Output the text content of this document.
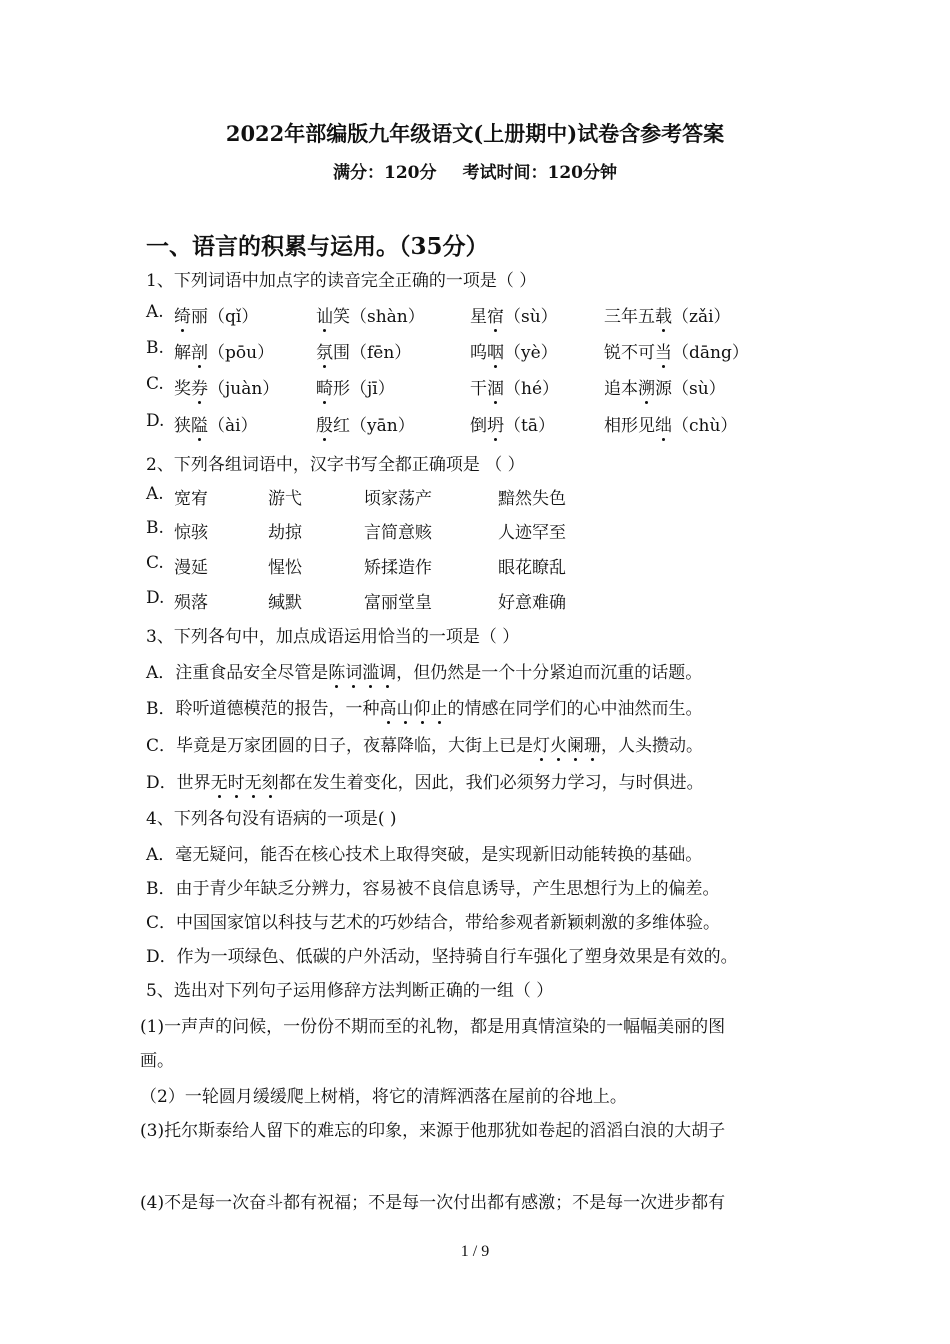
2022年部编版九年级语文(上册期中)试卷含参考答案
满分：120分 考试时间：120分钟
一、语言的积累与运用。（35分）
1、下列词语中加点字的读音完全正确的一项是（ ）
A. 绮丽（qǐ）	讪笑（shàn）	星宿（sù）	三年五载（zǎi）
B. 解剖（pōu） 氛围（fēn）	呜咽（yè）	锐不可当（dāng）
C. 奖券（juàn） 畸形（jī）	干涸（hé）	追本溯源（sù）
D. 狭隘（ài）	殷红（yān）	倒坍（tā）	相形见绌（chù）
2、下列各组词语中，汉字书写全都正确项是 （ ）
A. 宽宥	游弋	顷家荡产	黯然失色
B. 惊骇	劫掠	言简意赅	人迹罕至
C. 漫延	惺忪	矫揉造作	眼花瞭乱
D. 殒落	缄默	富丽堂皇	好意难确
3、下列各句中，加点成语运用恰当的一项是（ ）
A．注重食品安全尽管是陈词滥调，但仍然是一个十分紧迫而沉重的话题。
B．聆听道德模范的报告，一种高山仰止的情感在同学们的心中油然而生。
C．毕竟是万家团圆的日子，夜幕降临，大街上已是灯火阑珊，人头攒动。
D．世界无时无刻都在发生着变化，因此，我们必须努力学习，与时俱进。
4、下列各句没有语病的一项是( )
A．毫无疑问，能否在核心技术上取得突破，是实现新旧动能转换的基础。
B．由于青少年缺乏分辨力，容易被不良信息诱导，产生思想行为上的偏差。
C．中国国家馆以科技与艺术的巧妙结合，带给参观者新颖刺激的多维体验。
D．作为一项绿色、低碳的户外活动，坚持骑自行车强化了塑身效果是有效的。
5、选出对下列句子运用修辞方法判断正确的一组（ ）
(1)一声声的问候，一份份不期而至的礼物，都是用真情渲染的一幅幅美丽的图
画。
（2）一轮圆月缓缓爬上树梢，将它的清辉洒落在屋前的谷地上。
(3)托尔斯泰给人留下的难忘的印象，来源于他那犹如卷起的滔滔白浪的大胡子
(4)不是每一次奋斗都有祝福；不是每一次付出都有感激；不是每一次进步都有
1 / 9
